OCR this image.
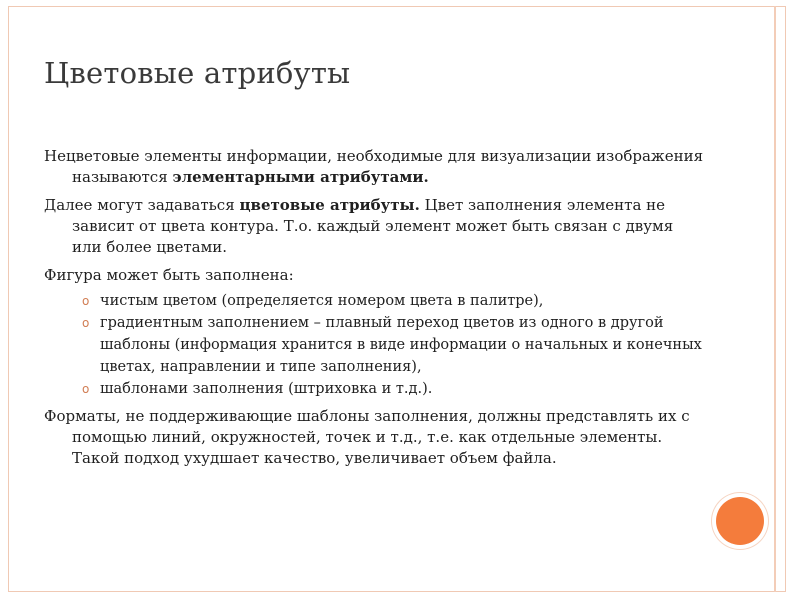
Цветовые атрибуты

Нецветовые элементы информации, необходимые для визуализации изображения называются элементарными атрибутами.

Далее могут задаваться цветовые атрибуты. Цвет заполнения элемента не зависит от цвета контура. Т.о. каждый элемент может быть связан с двумя или более цветами.

Фигура может быть заполнена:

o чистым цветом (определяется номером цвета в палитре),
o градиентным заполнением – плавный переход цветов из одного в другой шаблоны (информация хранится в виде информации о начальных и конечных цветах, направлении и типе заполнения),
o шаблонами заполнения (штриховка и т.д.).

Форматы, не поддерживающие шаблоны заполнения, должны представлять их с помощью линий, окружностей, точек и т.д., т.е. как отдельные элементы. Такой подход ухудшает качество, увеличивает объем файла.
